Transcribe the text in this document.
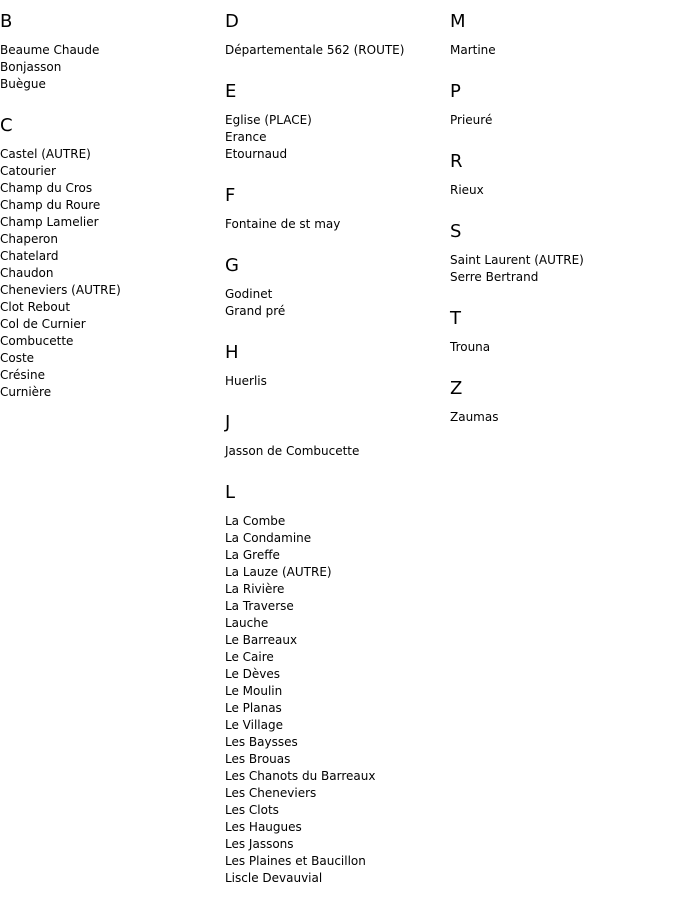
B
Beaume Chaude
Bonjasson
Buègue
C
Castel (AUTRE)
Catourier
Champ du Cros
Champ du Roure
Champ Lamelier
Chaperon
Chatelard
Chaudon
Cheneviers (AUTRE)
Clot Rebout
Col de Curnier
Combucette
Coste
Crésine
Curnière
D
Départementale 562 (ROUTE)
E
Eglise (PLACE)
Erance
Etournaud
F
Fontaine de st may
G
Godinet
Grand pré
H
Huerlis
J
Jasson de Combucette
L
La Combe
La Condamine
La Greffe
La Lauze (AUTRE)
La Rivière
La Traverse
Lauche
Le Barreaux
Le Caire
Le Dèves
Le Moulin
Le Planas
Le Village
Les Baysses
Les Brouas
Les Chanots du Barreaux
Les Cheneviers
Les Clots
Les Haugues
Les Jassons
Les Plaines et Baucillon
Liscle Devauvial
M
Martine
P
Prieuré
R
Rieux
S
Saint Laurent (AUTRE)
Serre Bertrand
T
Trouna
Z
Zaumas
